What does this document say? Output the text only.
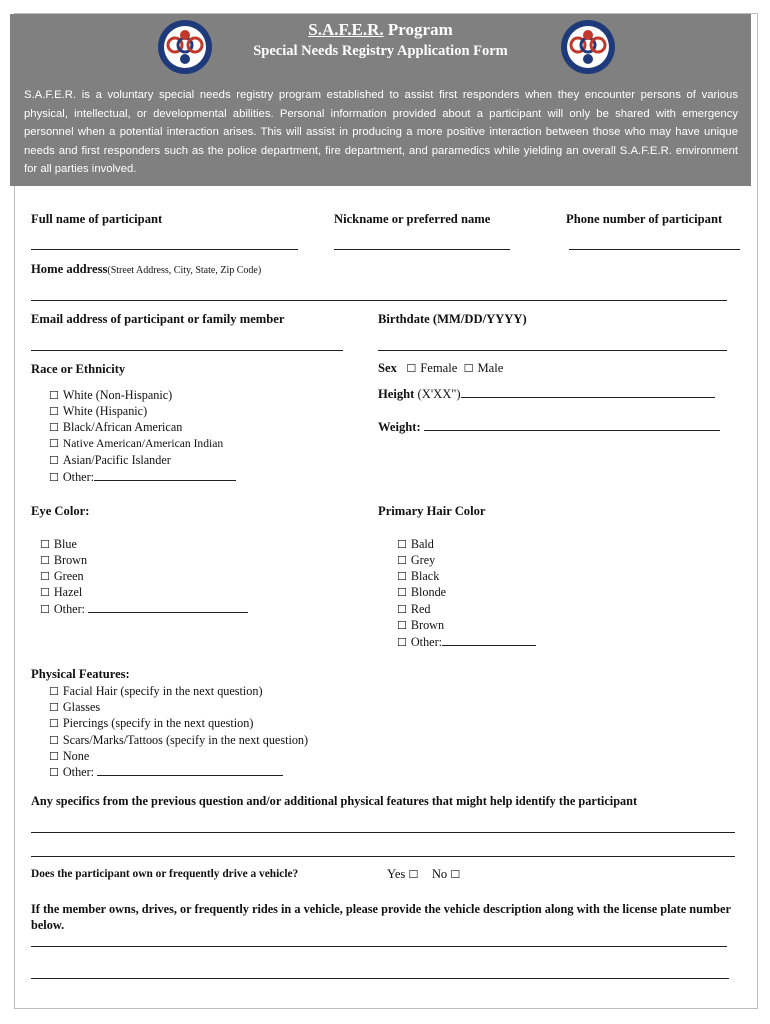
S.A.F.E.R. Program
Special Needs Registry Application Form
S.A.F.E.R. is a voluntary special needs registry program established to assist first responders when they encounter persons of various physical, intellectual, or developmental abilities. Personal information provided about a participant will only be shared with emergency personnel when a potential interaction arises. This will assist in producing a more positive interaction between those who may have unique needs and first responders such as the police department, fire department, and paramedics while yielding an overall S.A.F.E.R. environment for all parties involved.
Full name of participant	Nickname or preferred name	Phone number of participant
Home address(Street Address, City, State, Zip Code)
Email address of participant or family member	Birthdate (MM/DD/YYYY)
Race or Ethnicity
☐ White (Non-Hispanic)
☐ White (Hispanic)
☐ Black/African American
☐ Native American/American Indian
☐ Asian/Pacific Islander
☐ Other:
Sex ☐ Female ☐ Male
Height (X'XX")
Weight:
Eye Color:
☐ Blue
☐ Brown
☐ Green
☐ Hazel
☐ Other:
Primary Hair Color
☐ Bald
☐ Grey
☐ Black
☐ Blonde
☐ Red
☐ Brown
☐ Other:
Physical Features:
☐ Facial Hair (specify in the next question)
☐ Glasses
☐ Piercings (specify in the next question)
☐ Scars/Marks/Tattoos (specify in the next question)
☐ None
☐ Other:
Any specifics from the previous question and/or additional physical features that might help identify the participant
Does the participant own or frequently drive a vehicle?	Yes ☐ No ☐
If the member owns, drives, or frequently rides in a vehicle, please provide the vehicle description along with the license plate number below.
